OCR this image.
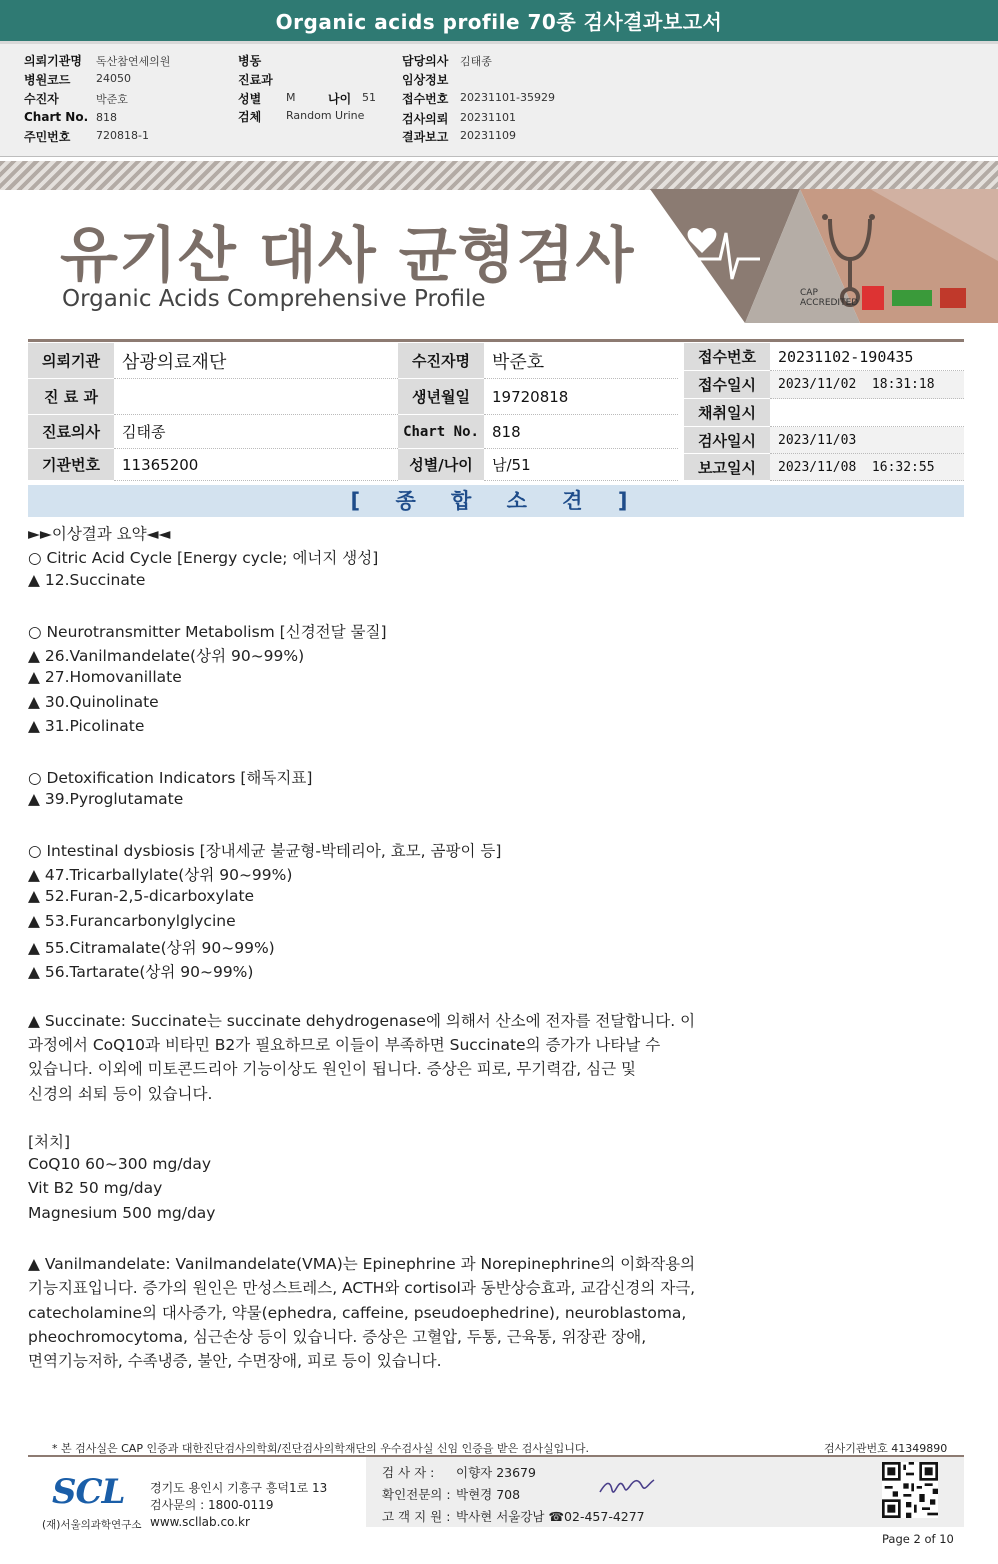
Organic acids profile 70종 검사결과보고서
의뢰기관명 독산참연세의원
병원코드 24050
수진자	박준호
Chart No. 818
주민번호 720818-1
병동
진료과
성별 M	나이 51
검체 Random Urine
담당의사 김태종
임상정보
접수번호 20231101-35929
검사의뢰 20231101
결과보고 20231109
유기산 대사 균형검사
Organic Acids Comprehensive Profile	CAP ACCREDITED
의뢰기관	삼광의료재단
진 료 과
진료의사	김태종
기관번호	11365200
수진자명	박준호
생년월일	19720818
Chart No. 818
성별/나이	남/51
접수번호	20231102-190435
접수일시	2023/11/02  18:31:18
채취일시
검사일시	2023/11/03
보고일시	2023/11/08  16:32:55
[ 종 합 소 견 ]
►►이상결과 요약◄◄
○ Citric Acid Cycle [Energy cycle; 에너지 생성]
▲ 12.Succinate
○ Neurotransmitter Metabolism [신경전달 물질]
▲ 26.Vanilmandelate(상위 90~99%)
▲ 27.Homovanillate
▲ 30.Quinolinate
▲ 31.Picolinate
○ Detoxification Indicators [해독지표]
▲ 39.Pyroglutamate
○ Intestinal dysbiosis [장내세균 불균형-박테리아, 효모, 곰팡이 등]
▲ 47.Tricarballylate(상위 90~99%)
▲ 52.Furan-2,5-dicarboxylate
▲ 53.Furancarbonylglycine
▲ 55.Citramalate(상위 90~99%)
▲ 56.Tartarate(상위 90~99%)
▲ Succinate: Succinate는 succinate dehydrogenase에 의해서 산소에 전자를 전달합니다. 이
과정에서 CoQ10과 비타민 B2가 필요하므로 이들이 부족하면 Succinate의 증가가 나타날 수
있습니다. 이외에 미토콘드리아 기능이상도 원인이 됩니다. 증상은 피로, 무기력감, 심근 및
신경의 쇠퇴 등이 있습니다.
[처치]
CoQ10 60~300 mg/day
Vit B2 50 mg/day
Magnesium 500 mg/day
▲ Vanilmandelate: Vanilmandelate(VMA)는 Epinephrine 과 Norepinephrine의 이화작용의
기능지표입니다. 증가의 원인은 만성스트레스, ACTH와 cortisol과 동반상승효과, 교감신경의 자극,
catecholamine의 대사증가, 약물(ephedra, caffeine, pseudoephedrine), neuroblastoma,
pheochromocytoma, 심근손상 등이 있습니다. 증상은 고혈압, 두통, 근육통, 위장관 장애,
면역기능저하, 수족냉증, 불안, 수면장애, 피로 등이 있습니다.
* 본 검사실은 CAP 인증과 대한진단검사의학회/진단검사의학재단의 우수검사실 신임 인증을 받은 검사실입니다.	검사기관번호 41349890
SCL
(재)서울의과학연구소
경기도 용인시 기흥구 흥덕1로 13
검사문의 : 1800-0119
www.scllab.co.kr
검 사 자 : 이향자 23679
확인전문의 : 박현경 708
고 객 지 원 : 박사현 서울강남 ☎02-457-4277
Page 2 of 10
